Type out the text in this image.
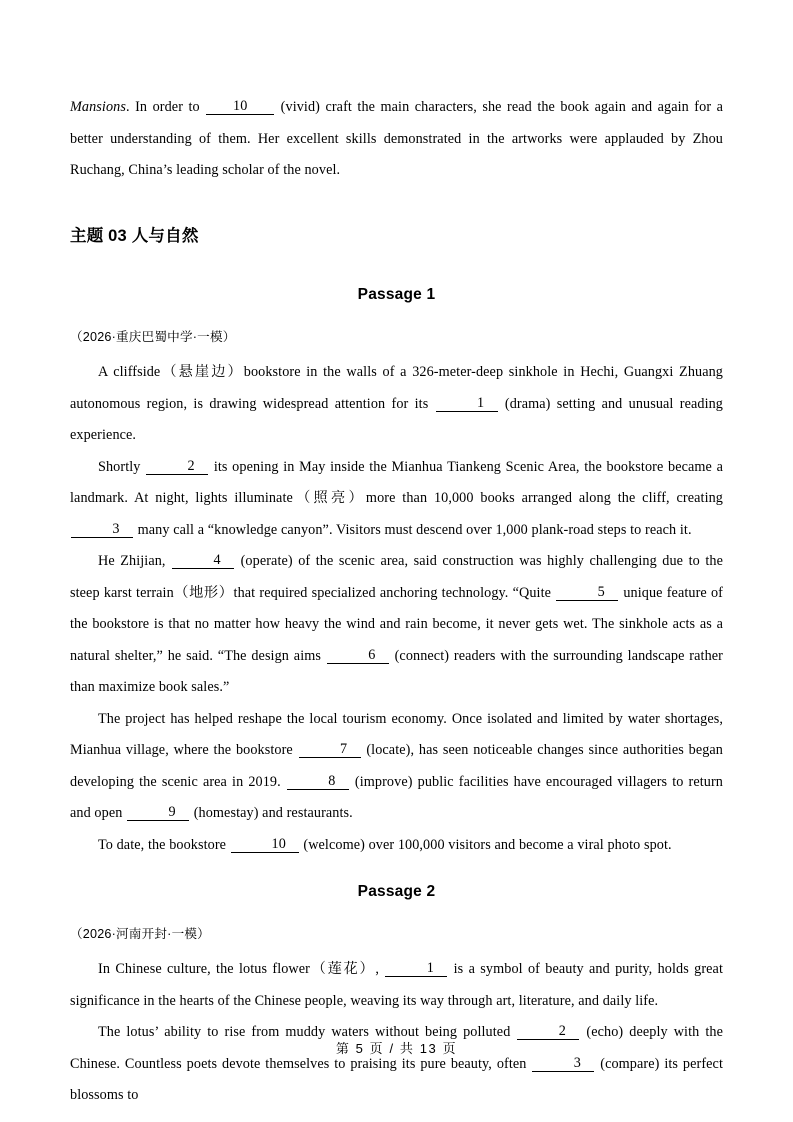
Mansions. In order to 10 (vivid) craft the main characters, she read the book again and again for a better understanding of them. Her excellent skills demonstrated in the artworks were applauded by Zhou Ruchang, China’s leading scholar of the novel.

主题 03 人与自然
Passage 1

（2026·重庆巴蜀中学·一模）

A cliffside（悬崖边）bookstore in the walls of a 326-meter-deep sinkhole in Hechi, Guangxi Zhuang autonomous region, is drawing widespread attention for its	1 (drama) setting and unusual reading experience.

Shortly	2 its opening in May inside the Mianhua Tiankeng Scenic Area, the bookstore became a landmark. At night, lights illuminate（照亮）more than 10,000 books arranged along the cliff, creating 3 many call a “knowledge canyon”. Visitors must descend over 1,000 plank-road steps to reach it.

He Zhijian,	4 (operate) of the scenic area, said construction was highly challenging due to the steep karst terrain（地形）that required specialized anchoring technology. “Quite	5 unique feature of the bookstore is that no matter how heavy the wind and rain become, it never gets wet. The sinkhole acts as a natural shelter,” he said. “The design aims	6 (connect) readers with the surrounding landscape rather than maximize book sales.”

The project has helped reshape the local tourism economy. Once isolated and limited by water shortages, Mianhua village, where the bookstore	7 (locate), has seen noticeable changes since authorities began developing the scenic area in 2019.	8 (improve) public facilities have encouraged villagers to return and open	9 (homestay) and restaurants.

To date, the bookstore	10 (welcome) over 100,000 visitors and become a viral photo spot.

Passage 2

（2026·河南开封·一模）

In Chinese culture, the lotus flower（莲花）,	1 is a symbol of beauty and purity, holds great significance in the hearts of the Chinese people, weaving its way through art, literature, and daily life.

The lotus’ ability to rise from muddy waters without being polluted	2 (echo) deeply with the Chinese. Countless poets devote themselves to praising its pure beauty, often	3 (compare) its perfect blossoms to

第 5 页 / 共 13 页
